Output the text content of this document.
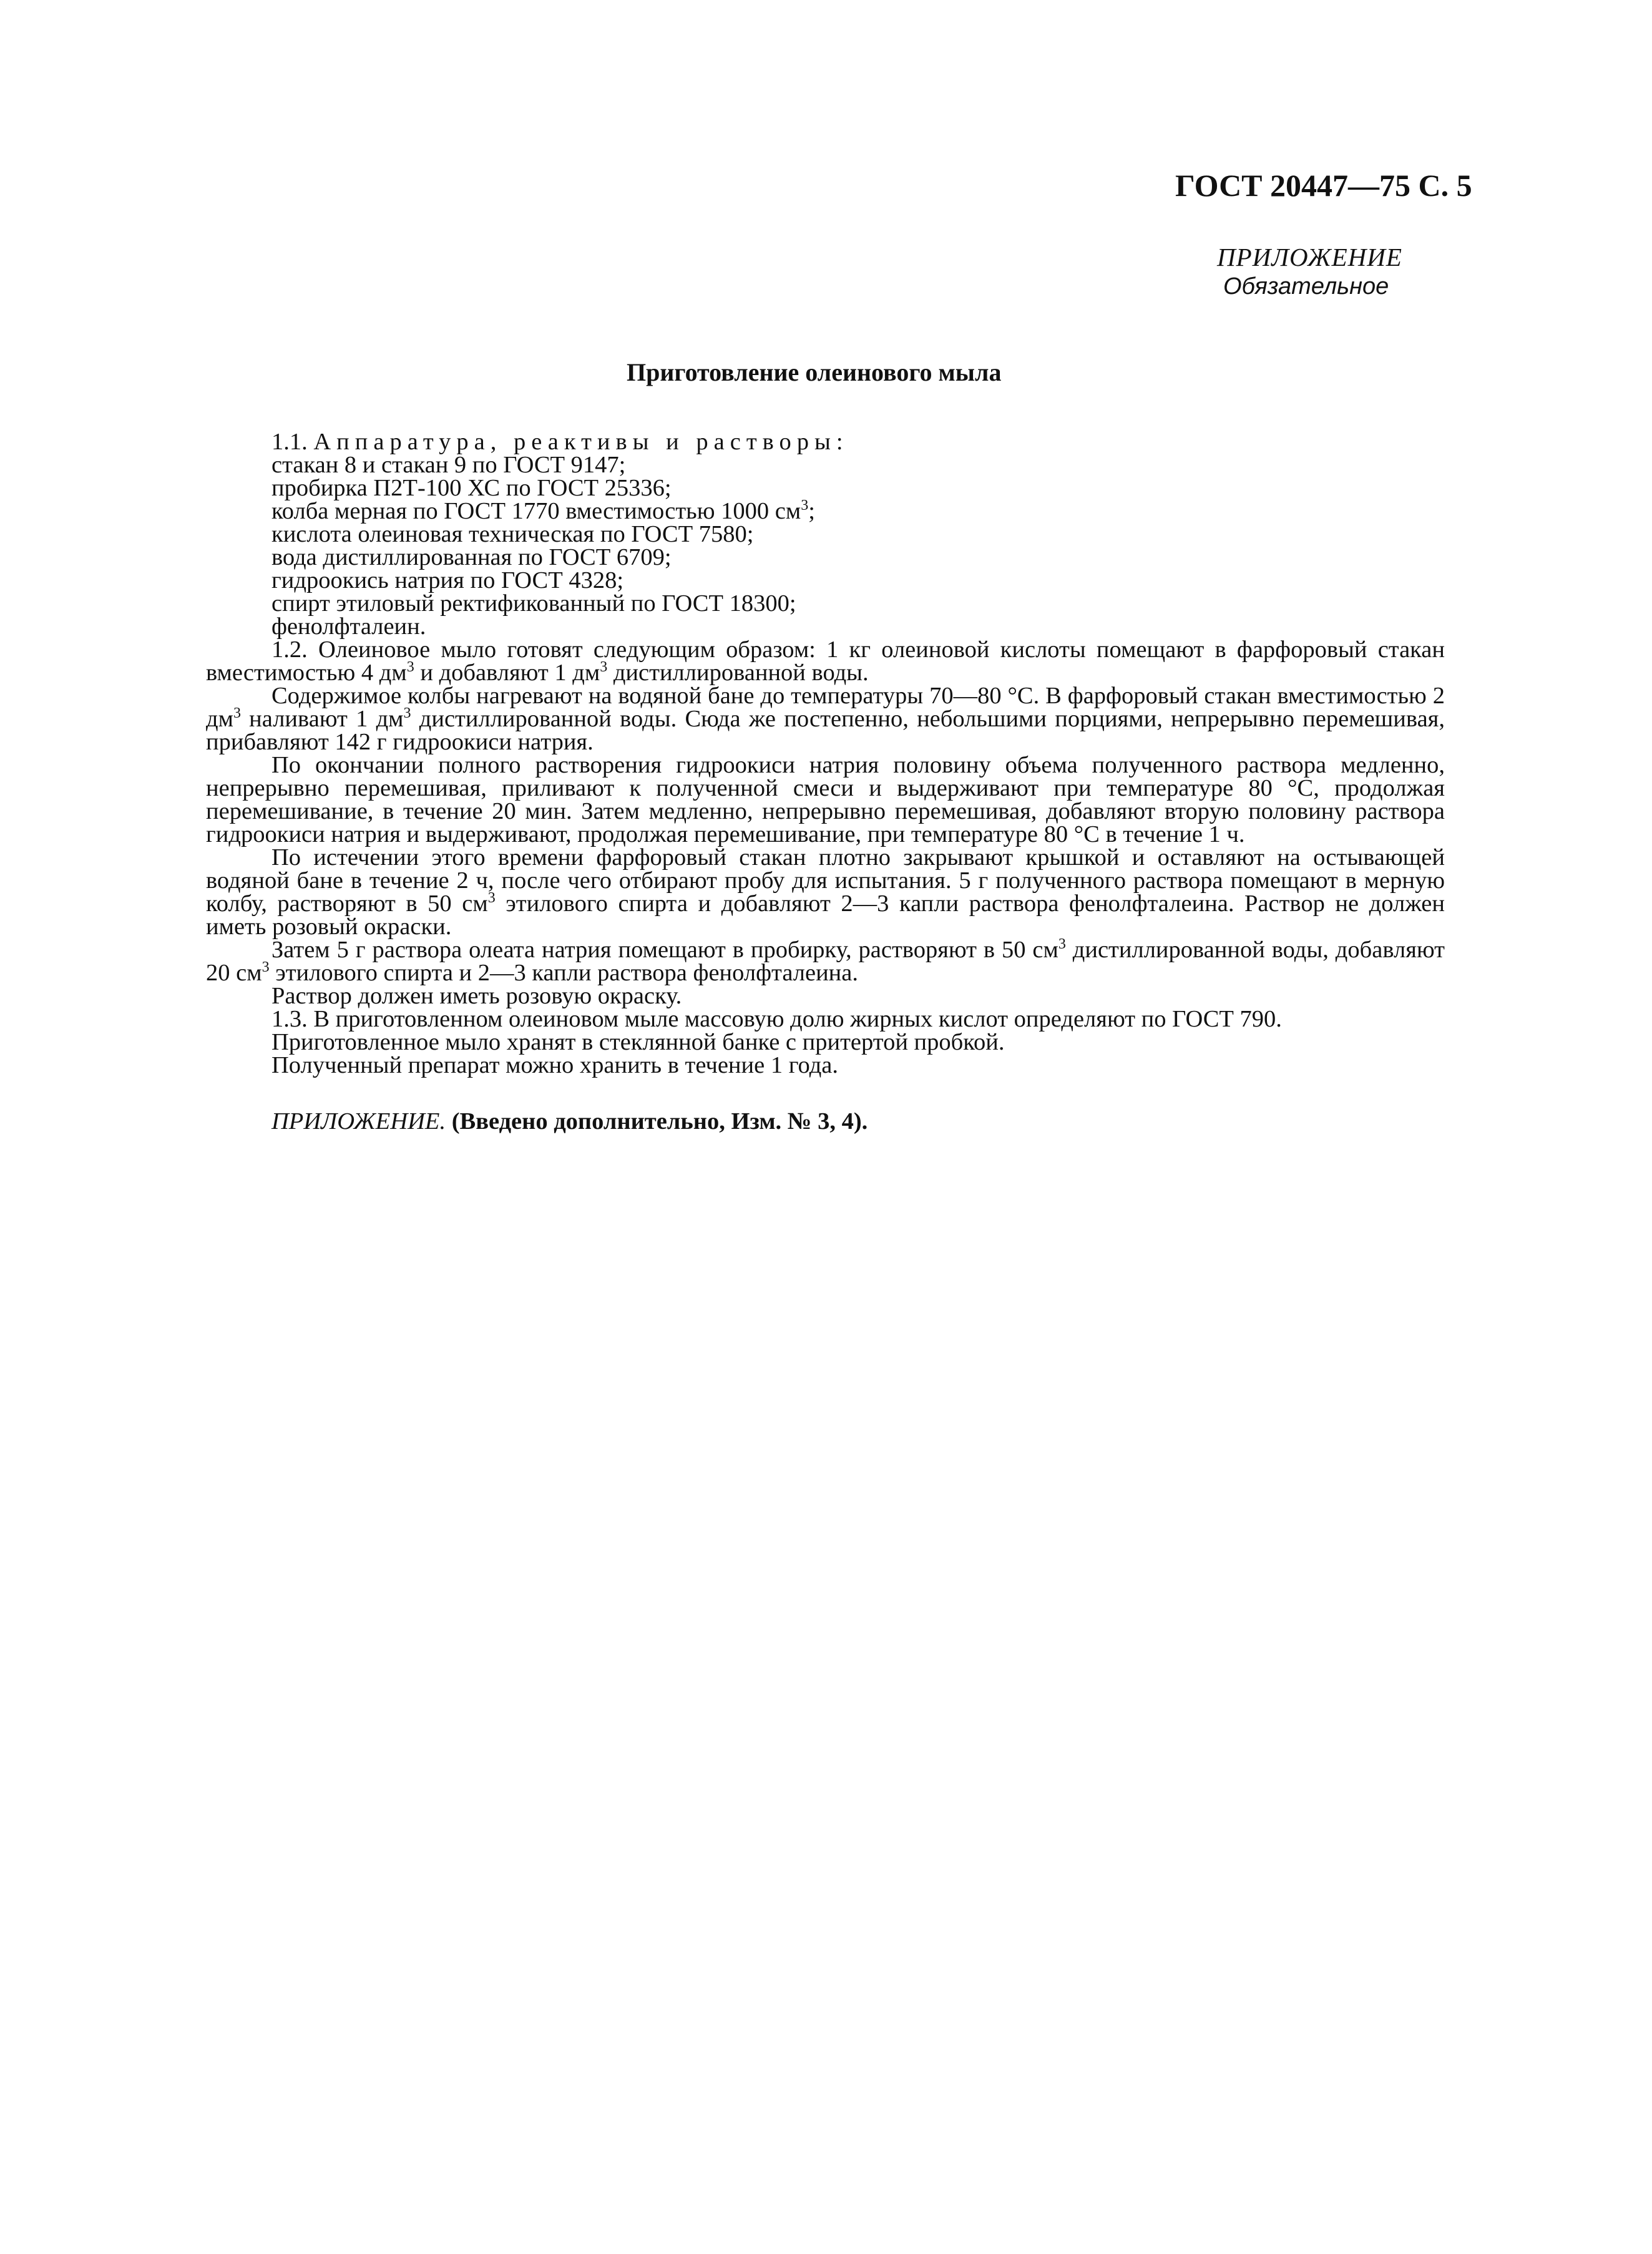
ГОСТ 20447—75 С. 5
ПРИЛОЖЕНИЕ
Обязательное
Приготовление олеинового мыла

1.1. Аппаратура, реактивы и растворы:

стакан 8 и стакан 9 по ГОСТ 9147;

пробирка П2Т-100 ХС по ГОСТ 25336;

колба мерная по ГОСТ 1770 вместимостью 1000 $см^3$;

кислота олеиновая техническая по ГОСТ 7580;

вода дистиллированная по ГОСТ 6709;

гидроокись натрия по ГОСТ 4328;

спирт этиловый ректификованный по ГОСТ 18300;

фенолфталеин.

1.2. Олеиновое мыло готовят следующим образом: 1 кг олеиновой кислоты помещают в фарфоровый стакан вместимостью 4 $дм^3$ и добавляют 1 $дм^3$ дистиллированной воды.

Содержимое колбы нагревают на водяной бане до температуры 70—80 °С. В фарфоровый стакан вместимостью 2 $дм^3$ наливают 1 $дм^3$ дистиллированной воды. Сюда же постепенно, небольшими порциями, непрерывно перемешивая, прибавляют 142 г гидроокиси натрия.

По окончании полного растворения гидроокиси натрия половину объема полученного раствора медленно, непрерывно перемешивая, приливают к полученной смеси и выдерживают при температуре 80 °С, продолжая перемешивание, в течение 20 мин. Затем медленно, непрерывно перемешивая, добавляют вторую половину раствора гидроокиси натрия и выдерживают, продолжая перемешивание, при температуре 80 °С в течение 1 ч.

По истечении этого времени фарфоровый стакан плотно закрывают крышкой и оставляют на остывающей водяной бане в течение 2 ч, после чего отбирают пробу для испытания. 5 г полученного раствора помещают в мерную колбу, растворяют в 50 $см^3$ этилового спирта и добавляют 2—3 капли раствора фенолфталеина. Раствор не должен иметь розовый окраски.

Затем 5 г раствора олеата натрия помещают в пробирку, растворяют в 50 $см^3$ дистиллированной воды, добавляют 20 $см^3$ этилового спирта и 2—3 капли раствора фенолфталеина.

Раствор должен иметь розовую окраску.

1.3. В приготовленном олеиновом мыле массовую долю жирных кислот определяют по ГОСТ 790.

Приготовленное мыло хранят в стеклянной банке с притертой пробкой.

Полученный препарат можно хранить в течение 1 года.

ПРИЛОЖЕНИЕ. (Введено дополнительно, Изм. № 3, 4).
